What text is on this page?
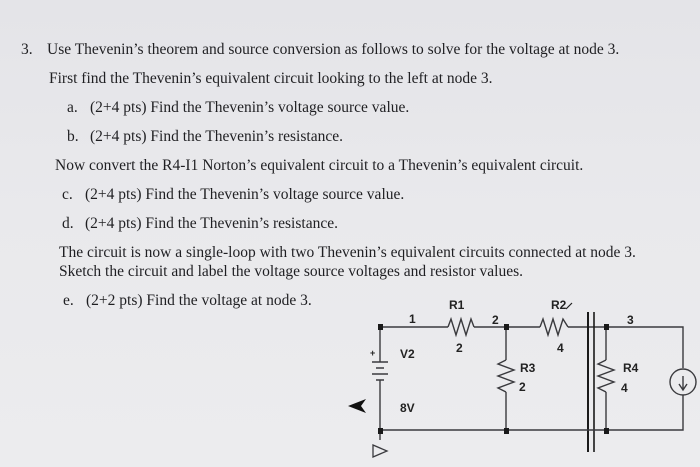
3. Use Thevenin’s theorem and source conversion as follows to solve for the voltage at node 3.
First find the Thevenin’s equivalent circuit looking to the left at node 3.
a. (2+4 pts) Find the Thevenin’s voltage source value.
b. (2+4 pts) Find the Thevenin’s resistance.
Now convert the R4-I1 Norton’s equivalent circuit to a Thevenin’s equivalent circuit.
c. (2+4 pts) Find the Thevenin’s voltage source value.
d. (2+4 pts) Find the Thevenin’s resistance.
The circuit is now a single-loop with two Thevenin’s equivalent circuits connected at node 3.
Sketch the circuit and label the voltage source voltages and resistor values.
e. (2+2 pts) Find the voltage at node 3.
1	2	3
R1
2
R2
4
R3
2
R4
4
V2
8V
+
